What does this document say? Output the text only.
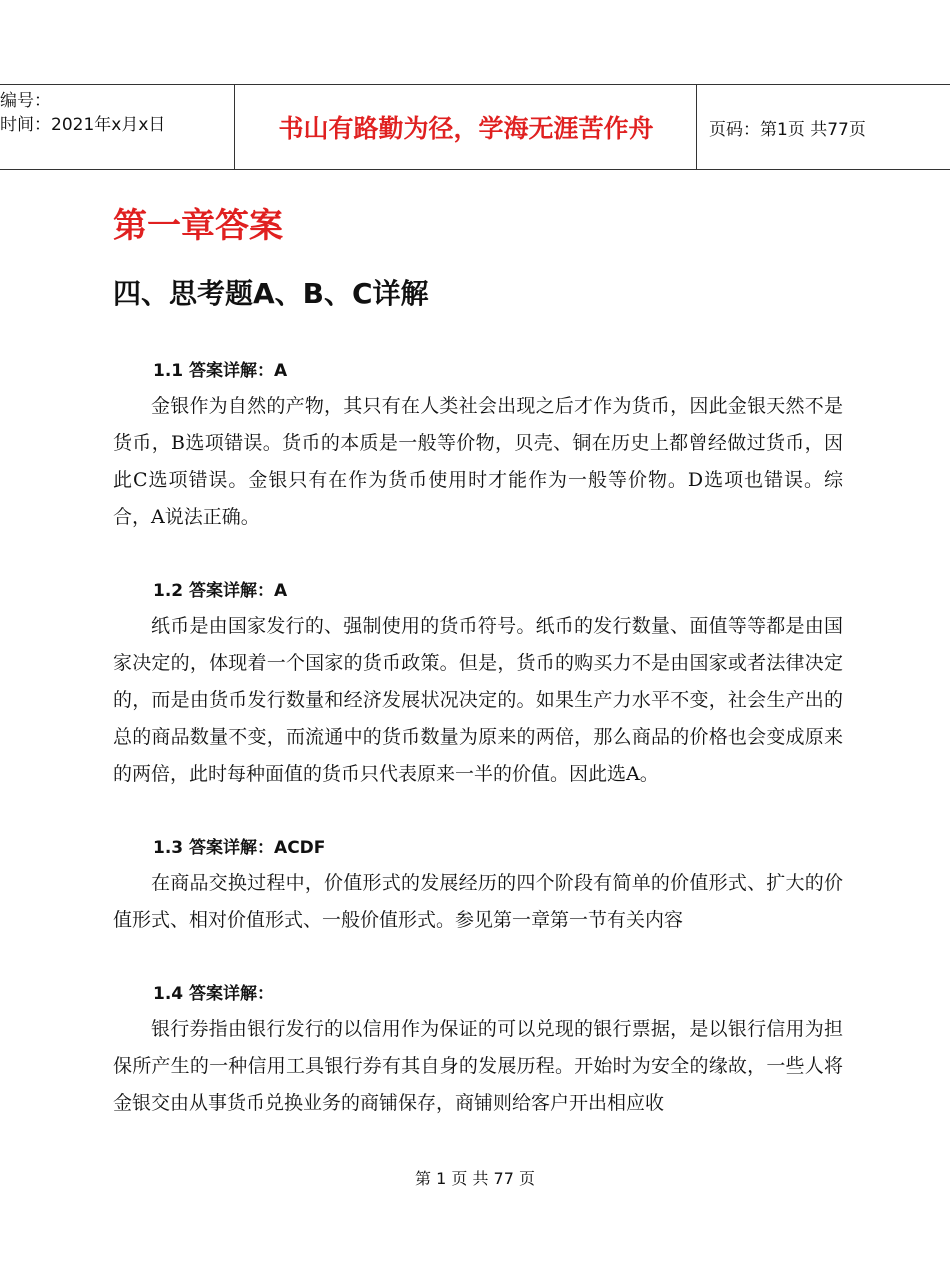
编号：
时间：2021年x月x日	书山有路勤为径，学海无涯苦作舟	页码：第1页 共77页
第一章答案
四、思考题A、B、C详解

1.1 答案详解：A

金银作为自然的产物，其只有在人类社会出现之后才作为货币，因此金银天然不是货币，B选项错误。货币的本质是一般等价物，贝壳、铜在历史上都曾经做过货币，因此C选项错误。金银只有在作为货币使用时才能作为一般等价物。D选项也错误。综合，A说法正确。

1.2 答案详解：A

纸币是由国家发行的、强制使用的货币符号。纸币的发行数量、面值等等都是由国家决定的，体现着一个国家的货币政策。但是，货币的购买力不是由国家或者法律决定的，而是由货币发行数量和经济发展状况决定的。如果生产力水平不变，社会生产出的总的商品数量不变，而流通中的货币数量为原来的两倍，那么商品的价格也会变成原来的两倍，此时每种面值的货币只代表原来一半的价值。因此选A。

1.3 答案详解：ACDF

在商品交换过程中，价值形式的发展经历的四个阶段有简单的价值形式、扩大的价值形式、相对价值形式、一般价值形式。参见第一章第一节有关内容

1.4 答案详解：

银行券指由银行发行的以信用作为保证的可以兑现的银行票据，是以银行信用为担保所产生的一种信用工具银行券有其自身的发展历程。开始时为安全的缘故，一些人将金银交由从事货币兑换业务的商铺保存，商铺则给客户开出相应收

第 1 页 共 77 页
